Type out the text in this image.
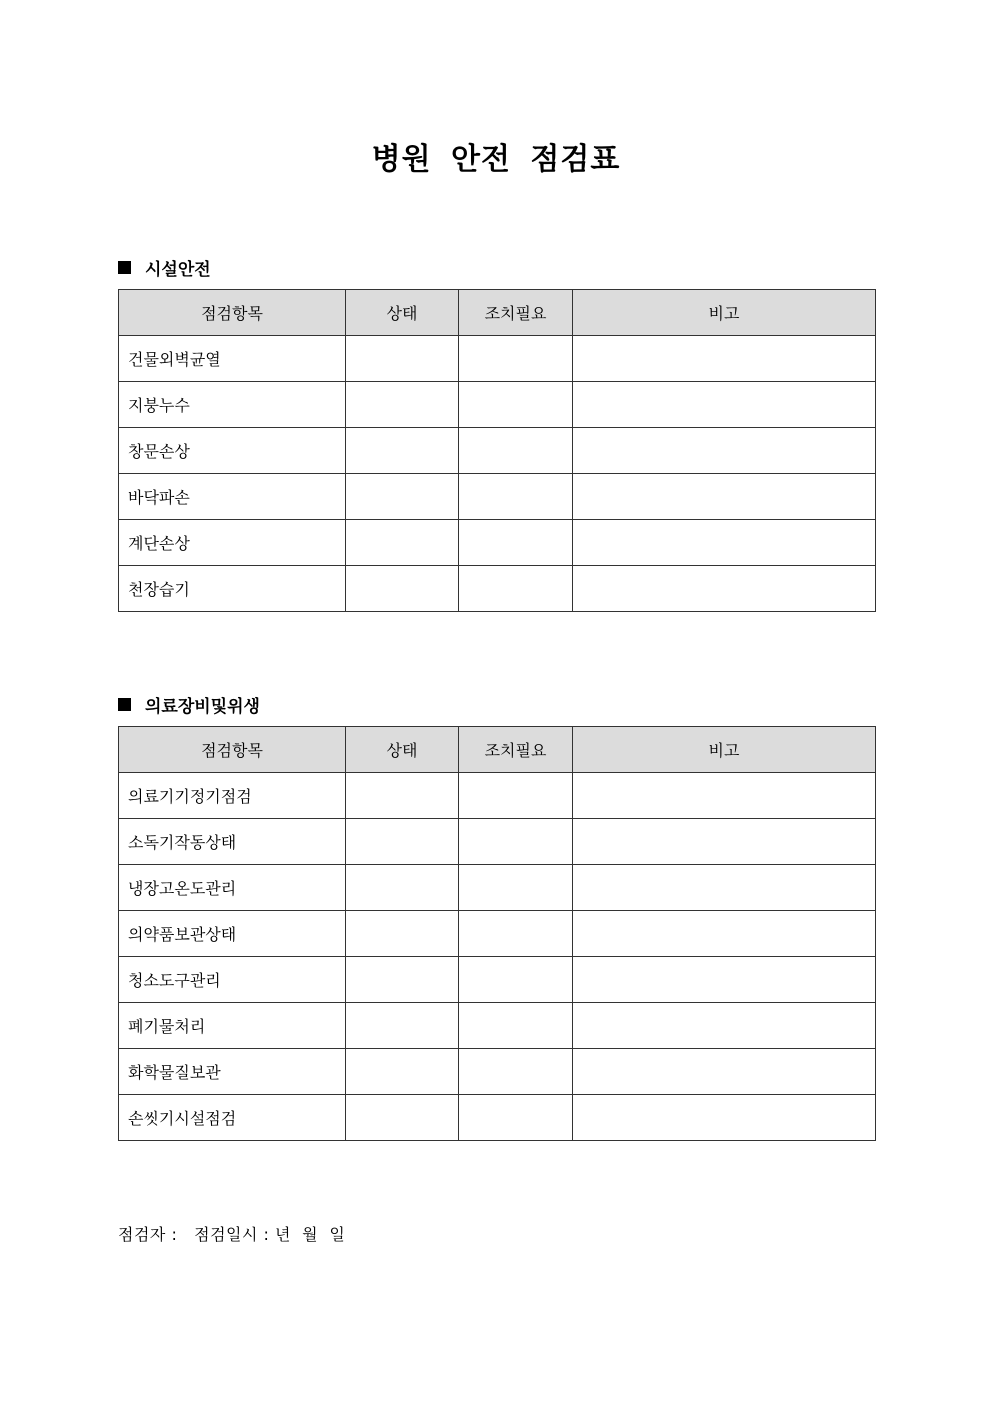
병원 안전 점검표
시설안전
점검항목	상태	조치필요	비고
건물외벽균열			
지붕누수			
창문손상			
바닥파손			
계단손상			
천장습기			
의료장비및위생
점검항목	상태	조치필요	비고
의료기기정기점검			
소독기작동상태			
냉장고온도관리			
의약품보관상태			
청소도구관리			
폐기물처리			
화학물질보관			
손씻기시설점검			
점검자 : 점검일시 : 년 월 일
